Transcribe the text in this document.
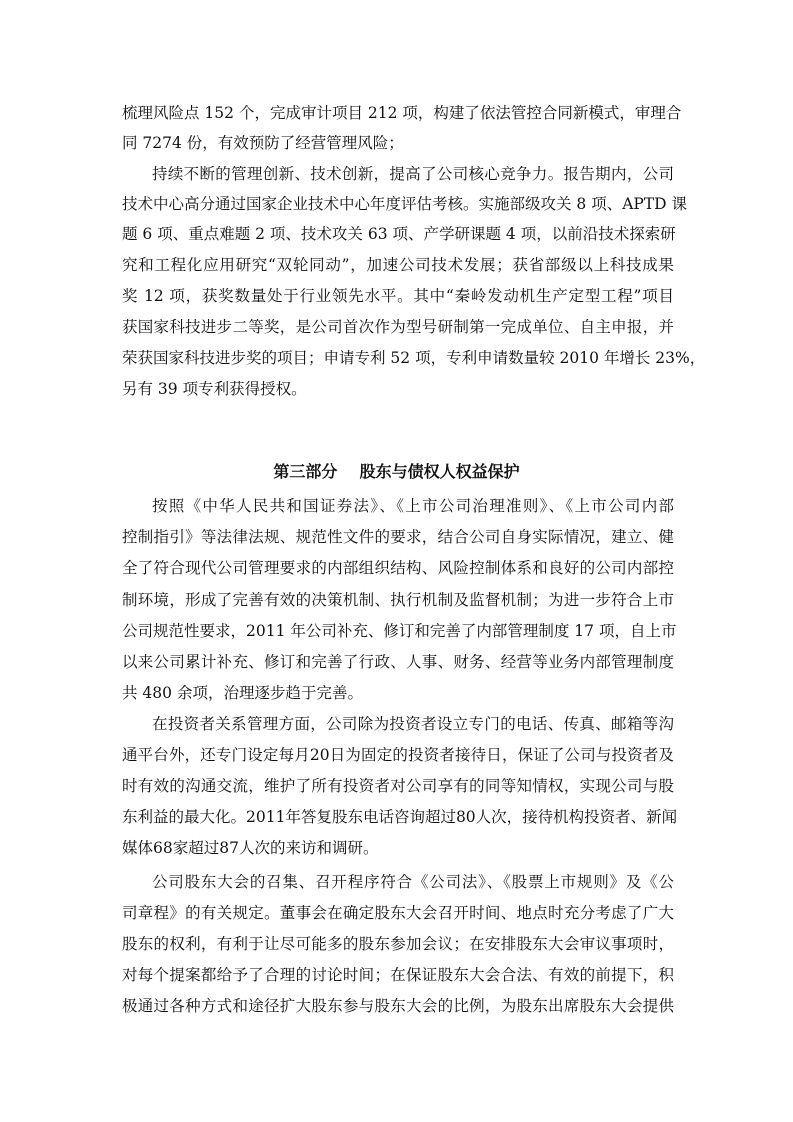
梳理风险点 152 个，完成审计项目 212 项，构建了依法管控合同新模式，审理合
同 7274 份，有效预防了经营管理风险；
持续不断的管理创新、技术创新，提高了公司核心竞争力。报告期内，公司
技术中心高分通过国家企业技术中心年度评估考核。实施部级攻关 8 项、APTD 课
题 6 项、重点难题 2 项、技术攻关 63 项、产学研课题 4 项，以前沿技术探索研
究和工程化应用研究“双轮同动”，加速公司技术发展；获省部级以上科技成果
奖 12 项，获奖数量处于行业领先水平。其中“秦岭发动机生产定型工程”项目
获国家科技进步二等奖，是公司首次作为型号研制第一完成单位、自主申报，并
荣获国家科技进步奖的项目；申请专利 52 项，专利申请数量较 2010 年增长 23%，
另有 39 项专利获得授权。
第三部分    股东与债权人权益保护
按照《中华人民共和国证券法》、《上市公司治理准则》、《上市公司内部
控制指引》等法律法规、规范性文件的要求，结合公司自身实际情况，建立、健
全了符合现代公司管理要求的内部组织结构、风险控制体系和良好的公司内部控
制环境，形成了完善有效的决策机制、执行机制及监督机制；为进一步符合上市
公司规范性要求，2011 年公司补充、修订和完善了内部管理制度 17 项，自上市
以来公司累计补充、修订和完善了行政、人事、财务、经营等业务内部管理制度
共 480 余项，治理逐步趋于完善。
在投资者关系管理方面，公司除为投资者设立专门的电话、传真、邮箱等沟
通平台外，还专门设定每月20日为固定的投资者接待日，保证了公司与投资者及
时有效的沟通交流，维护了所有投资者对公司享有的同等知情权，实现公司与股
东利益的最大化。2011年答复股东电话咨询超过80人次，接待机构投资者、新闻
媒体68家超过87人次的来访和调研。
公司股东大会的召集、召开程序符合《公司法》、《股票上市规则》及《公
司章程》的有关规定。董事会在确定股东大会召开时间、地点时充分考虑了广大
股东的权利，有利于让尽可能多的股东参加会议；在安排股东大会审议事项时，
对每个提案都给予了合理的讨论时间；在保证股东大会合法、有效的前提下，积
极通过各种方式和途径扩大股东参与股东大会的比例，为股东出席股东大会提供
